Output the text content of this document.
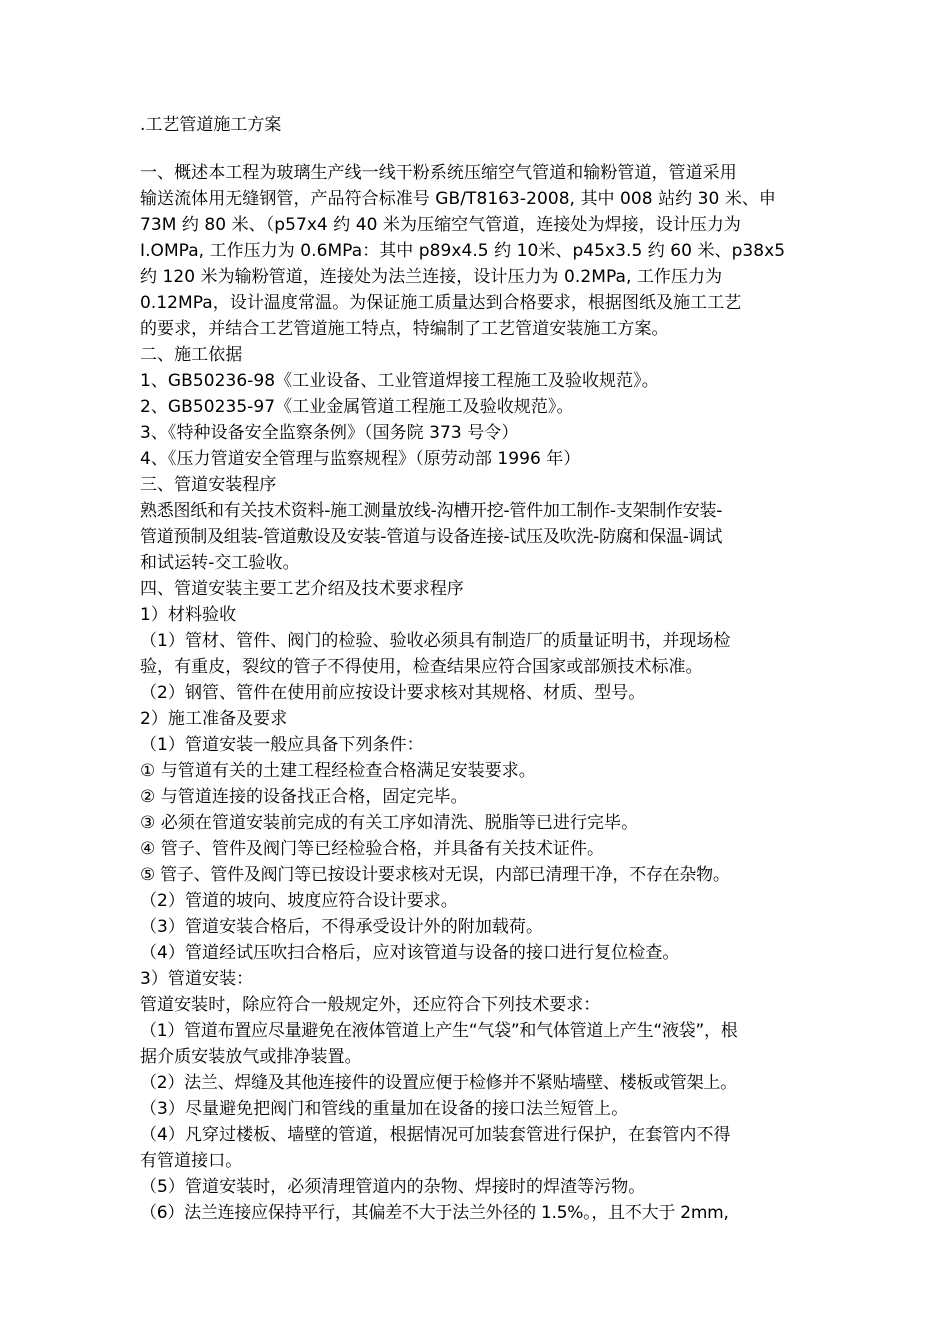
.工艺管道施工方案
一、概述本工程为玻璃生产线一线干粉系统压缩空气管道和输粉管道，管道采用
输送流体用无缝钢管，产品符合标准号 GB/T8163-2008, 其中 008 站约 30 米、申
73M 约 80 米、（p57x4 约 40 米为压缩空气管道，连接处为焊接，设计压力为
I.OMPa, 工作压力为 0.6MPa：其中 p89x4.5 约 10米、p45x3.5 约 60 米、p38x5
约 120 米为输粉管道，连接处为法兰连接，设计压力为 0.2MPa, 工作压力为
0.12MPa，设计温度常温。为保证施工质量达到合格要求，根据图纸及施工工艺
的要求，并结合工艺管道施工特点，特编制了工艺管道安装施工方案。
二、施工依据
1、GB50236-98《工业设备、工业管道焊接工程施工及验收规范》。
2、GB50235-97《工业金属管道工程施工及验收规范》。
3、《特种设备安全监察条例》（国务院 373 号令）
4、《压力管道安全管理与监察规程》（原劳动部 1996 年）
三、管道安装程序
熟悉图纸和有关技术资料-施工测量放线-沟槽开挖-管件加工制作-支架制作安装-
管道预制及组装-管道敷设及安装-管道与设备连接-试压及吹洗-防腐和保温-调试
和试运转-交工验收。
四、管道安装主要工艺介绍及技术要求程序
1）材料验收
（1）管材、管件、阀门的检验、验收必须具有制造厂的质量证明书，并现场检
验，有重皮，裂纹的管子不得使用，检查结果应符合国家或部颁技术标准。
（2）钢管、管件在使用前应按设计要求核对其规格、材质、型号。
2）施工准备及要求
（1）管道安装一般应具备下列条件：
① 与管道有关的土建工程经检查合格满足安装要求。
② 与管道连接的设备找正合格，固定完毕。
③ 必须在管道安装前完成的有关工序如清洗、脱脂等已进行完毕。
④ 管子、管件及阀门等已经检验合格，并具备有关技术证件。
⑤ 管子、管件及阀门等已按设计要求核对无误，内部已清理干净，不存在杂物。
（2）管道的坡向、坡度应符合设计要求。
（3）管道安装合格后，不得承受设计外的附加载荷。
（4）管道经试压吹扫合格后，应对该管道与设备的接口进行复位检查。
3）管道安装：
管道安装时，除应符合一般规定外，还应符合下列技术要求：
（1）管道布置应尽量避免在液体管道上产生“气袋”和气体管道上产生“液袋”，根
据介质安装放气或排净装置。
（2）法兰、焊缝及其他连接件的设置应便于检修并不紧贴墙壁、楼板或管架上。
（3）尽量避免把阀门和管线的重量加在设备的接口法兰短管上。
（4）凡穿过楼板、墙壁的管道，根据情况可加装套管进行保护，在套管内不得
有管道接口。
（5）管道安装时，必须清理管道内的杂物、焊接时的焊渣等污物。
（6）法兰连接应保持平行，其偏差不大于法兰外径的 1.5%。，且不大于 2mm,
